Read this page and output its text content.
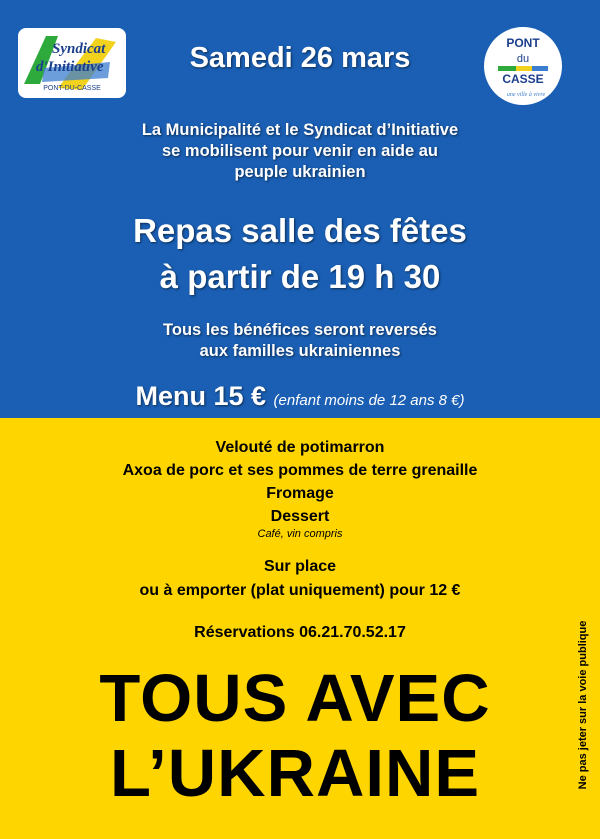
Syndicat
d'Initiative
PONT-DU-CASSE
PONT
du
CASSE
une ville à vivre
Samedi 26 mars
La Municipalité et le Syndicat d’Initiative
se mobilisent pour venir en aide au
peuple ukrainien
Repas salle des fêtes
à partir de 19 h 30
Tous les bénéfices seront reversés
aux familles ukrainiennes
Menu 15 € (enfant moins de 12 ans 8 €)
Velouté de potimarron
Axoa de porc et ses pommes de terre grenaille
Fromage
Dessert
Café, vin compris
Sur place
ou à emporter (plat uniquement) pour 12 €
Réservations 06.21.70.52.17
TOUS AVEC
L’UKRAINE	Ne pas jeter sur la voie publique
